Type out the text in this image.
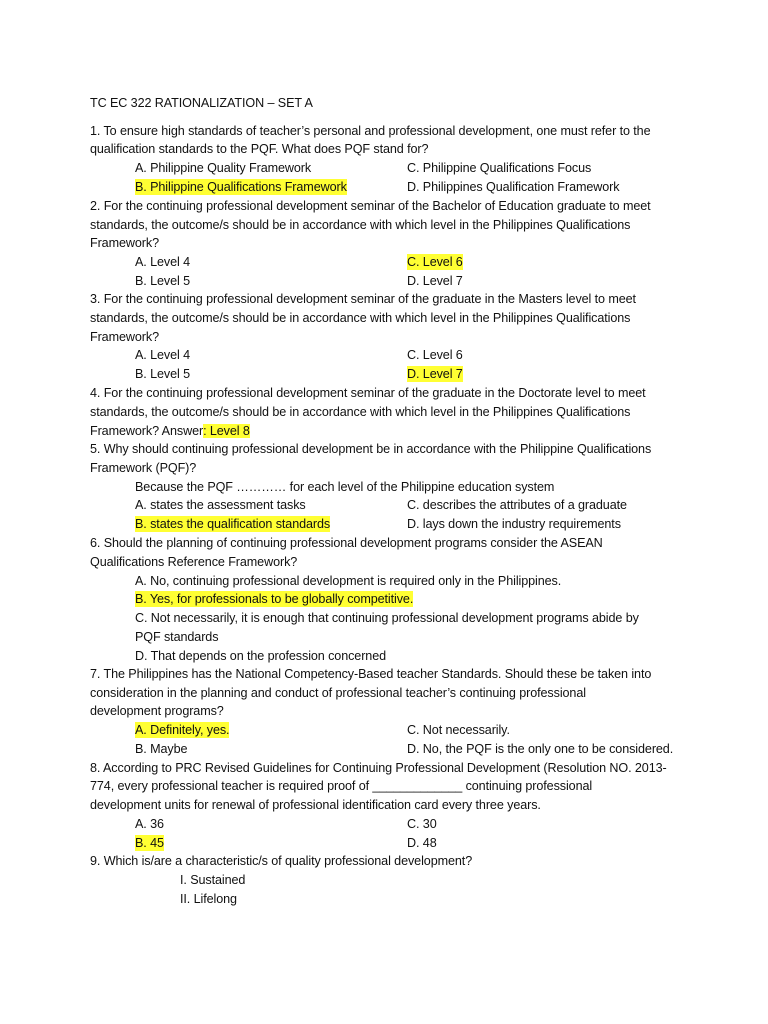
TC EC 322 RATIONALIZATION – SET A
1. To ensure high standards of teacher’s personal and professional development, one must refer to the
qualification standards to the PQF. What does PQF stand for?
A. Philippine Quality Framework	C. Philippine Qualifications Focus
B. Philippine Qualifications Framework	D. Philippines Qualification Framework
2. For the continuing professional development seminar of the Bachelor of Education graduate to meet
standards, the outcome/s should be in accordance with which level in the Philippines Qualifications
Framework?
A. Level 4	C. Level 6
B. Level 5	D. Level 7
3. For the continuing professional development seminar of the graduate in the Masters level to meet
standards, the outcome/s should be in accordance with which level in the Philippines Qualifications
Framework?
A. Level 4	C. Level 6
B. Level 5	D. Level 7
4. For the continuing professional development seminar of the graduate in the Doctorate level to meet
standards, the outcome/s should be in accordance with which level in the Philippines Qualifications
Framework? Answer: Level 8
5. Why should continuing professional development be in accordance with the Philippine Qualifications
Framework (PQF)?
Because the PQF ………… for each level of the Philippine education system
A. states the assessment tasks	C. describes the attributes of a graduate
B. states the qualification standards	D. lays down the industry requirements
6. Should the planning of continuing professional development programs consider the ASEAN
Qualifications Reference Framework?
A. No, continuing professional development is required only in the Philippines.
B. Yes, for professionals to be globally competitive.
C. Not necessarily, it is enough that continuing professional development programs abide by
PQF standards
D. That depends on the profession concerned
7. The Philippines has the National Competency-Based teacher Standards. Should these be taken into
consideration in the planning and conduct of professional teacher’s continuing professional
development programs?
A. Definitely, yes.	C. Not necessarily.
B. Maybe	D. No, the PQF is the only one to be considered.
8. According to PRC Revised Guidelines for Continuing Professional Development (Resolution NO. 2013-
774, every professional teacher is required proof of _____________ continuing professional
development units for renewal of professional identification card every three years.
A. 36	C. 30
B. 45	D. 48
9. Which is/are a characteristic/s of quality professional development?
I. Sustained
II. Lifelong
